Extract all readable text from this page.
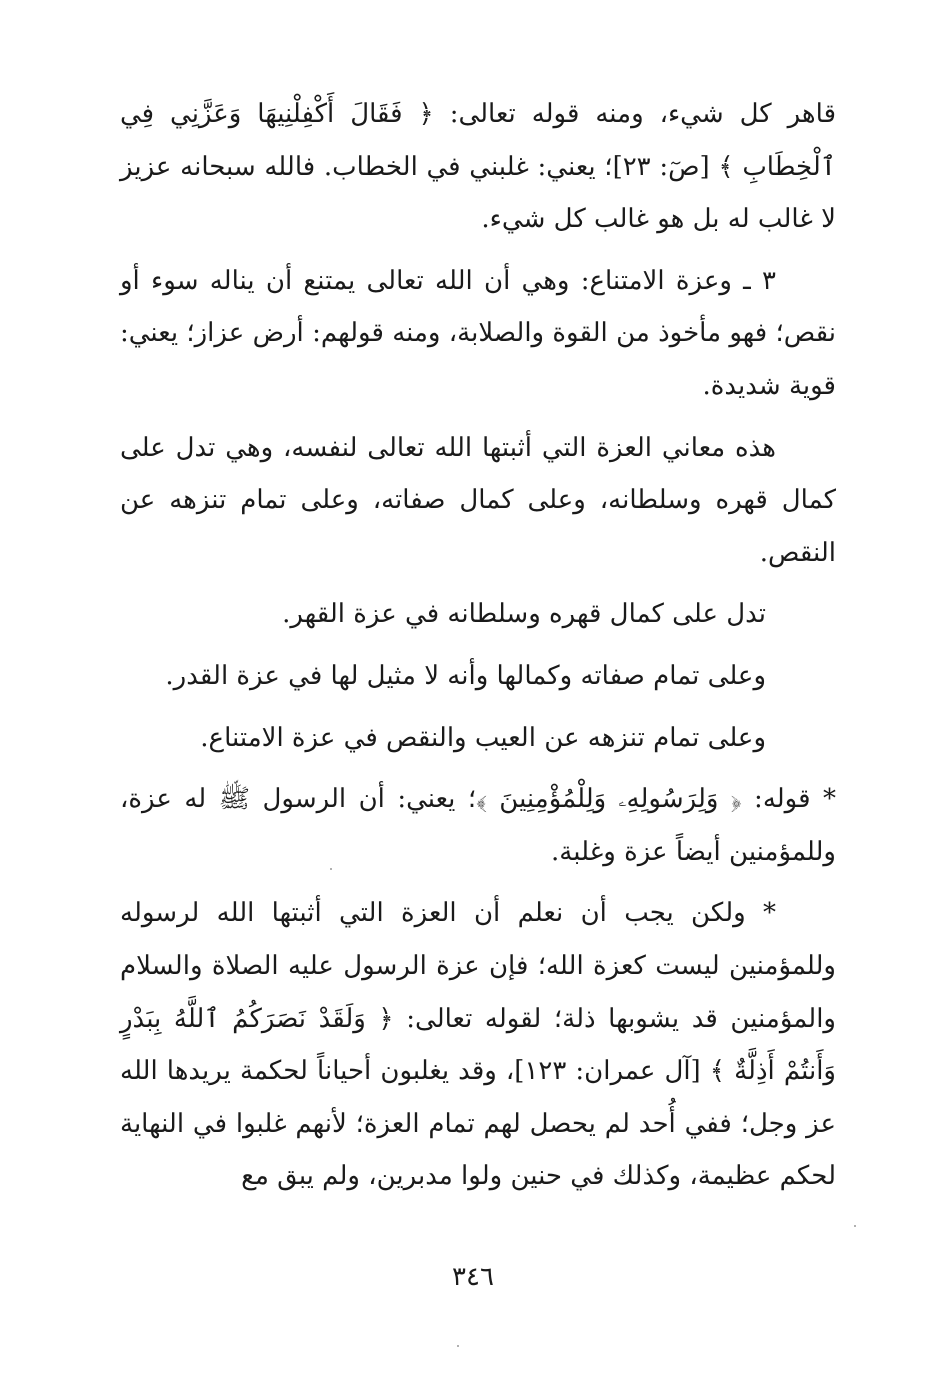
قاهر كل شيء، ومنه قوله تعالى: ﴿ فَقَالَ أَكْفِلْنِيهَا وَعَزَّنِي فِي ٱلْخِطَابِ ﴾ [صٓ: ٢٣]؛ يعني: غلبني في الخطاب. فالله سبحانه عزيز لا غالب له بل هو غالب كل شيء.

٣ ـ وعزة الامتناع: وهي أن الله تعالى يمتنع أن يناله سوء أو نقص؛ فهو مأخوذ من القوة والصلابة، ومنه قولهم: أرض عزاز؛ يعني: قوية شديدة.

هذه معاني العزة التي أثبتها الله تعالى لنفسه، وهي تدل على كمال قهره وسلطانه، وعلى كمال صفاته، وعلى تمام تنزهه عن النقص.

تدل على كمال قهره وسلطانه في عزة القهر.

وعلى تمام صفاته وكمالها وأنه لا مثيل لها في عزة القدر.

وعلى تمام تنزهه عن العيب والنقص في عزة الامتناع.

* قوله: ﴿ وَلِرَسُولِهِۦ وَلِلْمُؤْمِنِينَ ﴾؛ يعني: أن الرسول ﷺ له عزة، وللمؤمنين أيضاً عزة وغلبة.

* ولكن يجب أن نعلم أن العزة التي أثبتها الله لرسوله وللمؤمنين ليست كعزة الله؛ فإن عزة الرسول عليه الصلاة والسلام والمؤمنين قد يشوبها ذلة؛ لقوله تعالى: ﴿ وَلَقَدْ نَصَرَكُمُ ٱللَّهُ بِبَدْرٍ وَأَنتُمْ أَذِلَّةٌ ﴾ [آل عمران: ١٢٣]، وقد يغلبون أحياناً لحكمة يريدها الله عز وجل؛ ففي أُحد لم يحصل لهم تمام العزة؛ لأنهم غلبوا في النهاية لحكم عظيمة، وكذلك في حنين ولوا مدبرين، ولم يبق مع

٣٤٦
